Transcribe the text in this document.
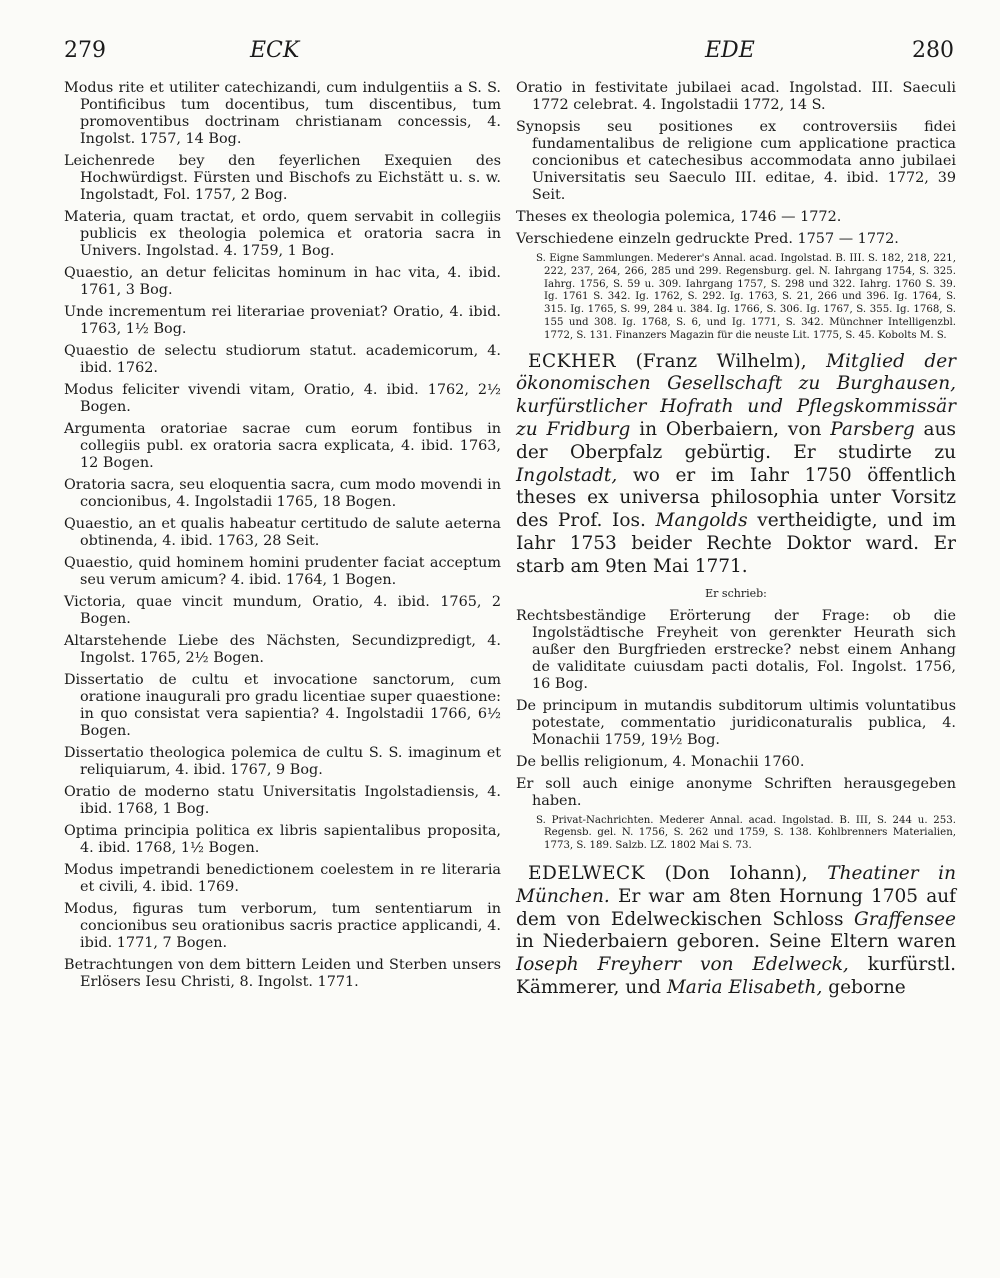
279	ECK	EDE	280

Modus rite et utiliter catechizandi, cum indulgentiis a S. S. Pontificibus tum docentibus, tum discentibus, tum promoventibus doctrinam christianam concessis, 4. Ingolst. 1757, 14 Bog.

Leichenrede bey den feyerlichen Exequien des Hochwürdigst. Fürsten und Bischofs zu Eichstätt u. s. w. Ingolstadt, Fol. 1757, 2 Bog.

Materia, quam tractat, et ordo, quem servabit in collegiis publicis ex theologia polemica et oratoria sacra in Univers. Ingolstad. 4. 1759, 1 Bog.

Quaestio, an detur felicitas hominum in hac vita, 4. ibid. 1761, 3 Bog.

Unde incrementum rei literariae proveniat? Oratio, 4. ibid. 1763, 1½ Bog.

Quaestio de selectu studiorum statut. academicorum, 4. ibid. 1762.

Modus feliciter vivendi vitam, Oratio, 4. ibid. 1762, 2½ Bogen.

Argumenta oratoriae sacrae cum eorum fontibus in collegiis publ. ex oratoria sacra explicata, 4. ibid. 1763, 12 Bogen.

Oratoria sacra, seu eloquentia sacra, cum modo movendi in concionibus, 4. Ingolstadii 1765, 18 Bogen.

Quaestio, an et qualis habeatur certitudo de salute aeterna obtinenda, 4. ibid. 1763, 28 Seit.

Quaestio, quid hominem homini prudenter faciat acceptum seu verum amicum? 4. ibid. 1764, 1 Bogen.

Victoria, quae vincit mundum, Oratio, 4. ibid. 1765, 2 Bogen.

Altarstehende Liebe des Nächsten, Secundizpredigt, 4. Ingolst. 1765, 2½ Bogen.

Dissertatio de cultu et invocatione sanctorum, cum oratione inaugurali pro gradu licentiae super quaestione: in quo consistat vera sapientia? 4. Ingolstadii 1766, 6½ Bogen.

Dissertatio theologica polemica de cultu S. S. imaginum et reliquiarum, 4. ibid. 1767, 9 Bog.

Oratio de moderno statu Universitatis Ingolstadiensis, 4. ibid. 1768, 1 Bog.

Optima principia politica ex libris sapientalibus proposita, 4. ibid. 1768, 1½ Bogen.

Modus impetrandi benedictionem coelestem in re literaria et civili, 4. ibid. 1769.

Modus, figuras tum verborum, tum sententiarum in concionibus seu orationibus sacris practice applicandi, 4. ibid. 1771, 7 Bogen.

Betrachtungen von dem bittern Leiden und Sterben unsers Erlösers Iesu Christi, 8. Ingolst. 1771.

Oratio in festivitate jubilaei acad. Ingolstad. III. Saeculi 1772 celebrat. 4. Ingolstadii 1772, 14 S.

Synopsis seu positiones ex controversiis fidei fundamentalibus de religione cum applicatione practica concionibus et catechesibus accommodata anno jubilaei Universitatis seu Saeculo III. editae, 4. ibid. 1772, 39 Seit.

Theses ex theologia polemica, 1746 — 1772.

Verschiedene einzeln gedruckte Pred. 1757 — 1772.

S. Eigne Sammlungen. Mederer's Annal. acad. Ingolstad. B. III. S. 182, 218, 221, 222, 237, 264, 266, 285 und 299. Regensburg. gel. N. Iahrgang 1754, S. 325. Iahrg. 1756, S. 59 u. 309. Iahrgang 1757, S. 298 und 322. Iahrg. 1760 S. 39. Ig. 1761 S. 342. Ig. 1762, S. 292. Ig. 1763, S. 21, 266 und 396. Ig. 1764, S. 315. Ig. 1765, S. 99, 284 u. 384. Ig. 1766, S. 306. Ig. 1767, S. 355. Ig. 1768, S. 155 und 308. Ig. 1768, S. 6, und Ig. 1771, S. 342. Münchner Intelligenzbl. 1772, S. 131. Finanzers Magazin für die neuste Lit. 1775, S. 45. Kobolts M. S.

ECKHER (Franz Wilhelm), Mitglied der ökonomischen Gesellschaft zu Burghausen, kurfürstlicher Hofrath und Pflegskommissär zu Fridburg in Oberbaiern, von Parsberg aus der Oberpfalz gebürtig. Er studirte zu Ingolstadt, wo er im Iahr 1750 öffentlich theses ex universa philosophia unter Vorsitz des Prof. Ios. Mangolds vertheidigte, und im Iahr 1753 beider Rechte Doktor ward. Er starb am 9ten Mai 1771.

Er schrieb:

Rechtsbeständige Erörterung der Frage: ob die Ingolstädtische Freyheit von gerenkter Heurath sich außer den Burgfrieden erstrecke? nebst einem Anhang de validitate cuiusdam pacti dotalis, Fol. Ingolst. 1756, 16 Bog.

De principum in mutandis subditorum ultimis voluntatibus potestate, commentatio juridiconaturalis publica, 4. Monachii 1759, 19½ Bog.

De bellis religionum, 4. Monachii 1760.

Er soll auch einige anonyme Schriften herausgegeben haben.

S. Privat-Nachrichten. Mederer Annal. acad. Ingolstad. B. III, S. 244 u. 253. Regensb. gel. N. 1756, S. 262 und 1759, S. 138. Kohlbrenners Materialien, 1773, S. 189. Salzb. LZ. 1802 Mai S. 73.

EDELWECK (Don Iohann), Theatiner in München. Er war am 8ten Hornung 1705 auf dem von Edelweckischen Schloss Graffensee in Niederbaiern geboren. Seine Eltern waren Ioseph Freyherr von Edelweck, kurfürstl. Kämmerer, und Maria Elisabeth, geborne
